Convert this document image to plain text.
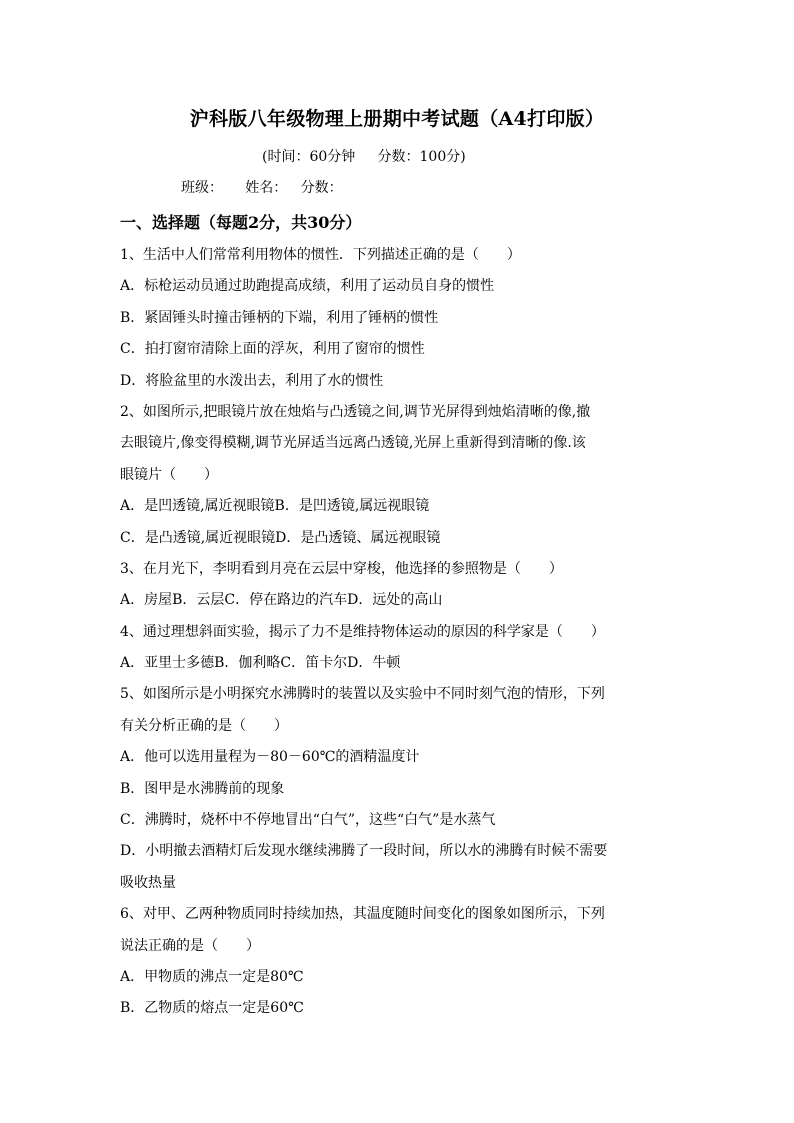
沪科版八年级物理上册期中考试题（A4打印版）
(时间：60分钟     分数：100分)
班级：     姓名：   分数：
一、选择题（每题2分，共30分）
1、生活中人们常常利用物体的惯性．下列描述正确的是（　　）
A．标枪运动员通过助跑提高成绩，利用了运动员自身的惯性
B．紧固锤头时撞击锤柄的下端，利用了锤柄的惯性
C．拍打窗帘清除上面的浮灰，利用了窗帘的惯性
D．将脸盆里的水泼出去，利用了水的惯性
2、如图所示,把眼镜片放在烛焰与凸透镜之间,调节光屏得到烛焰清晰的像,撤
去眼镜片,像变得模糊,调节光屏适当远离凸透镜,光屏上重新得到清晰的像.该
眼镜片（　　）
A．是凹透镜,属近视眼镜B．是凹透镜,属远视眼镜
C．是凸透镜,属近视眼镜D．是凸透镜、属远视眼镜
3、在月光下，李明看到月亮在云层中穿梭，他选择的参照物是（　　）
A．房屋B．云层C．停在路边的汽车D．远处的高山
4、通过理想斜面实验，揭示了力不是维持物体运动的原因的科学家是（　　）
A．亚里士多德B．伽利略C．笛卡尔D．牛顿
5、如图所示是小明探究水沸腾时的装置以及实验中不同时刻气泡的情形，下列
有关分析正确的是（　　）
A．他可以选用量程为－80－60℃的酒精温度计
B．图甲是水沸腾前的现象
C．沸腾时，烧杯中不停地冒出“白气”，这些“白气”是水蒸气
D．小明撤去酒精灯后发现水继续沸腾了一段时间，所以水的沸腾有时候不需要
吸收热量
6、对甲、乙两种物质同时持续加热，其温度随时间变化的图象如图所示，下列
说法正确的是（　　）
A．甲物质的沸点一定是80℃
B．乙物质的熔点一定是60℃
